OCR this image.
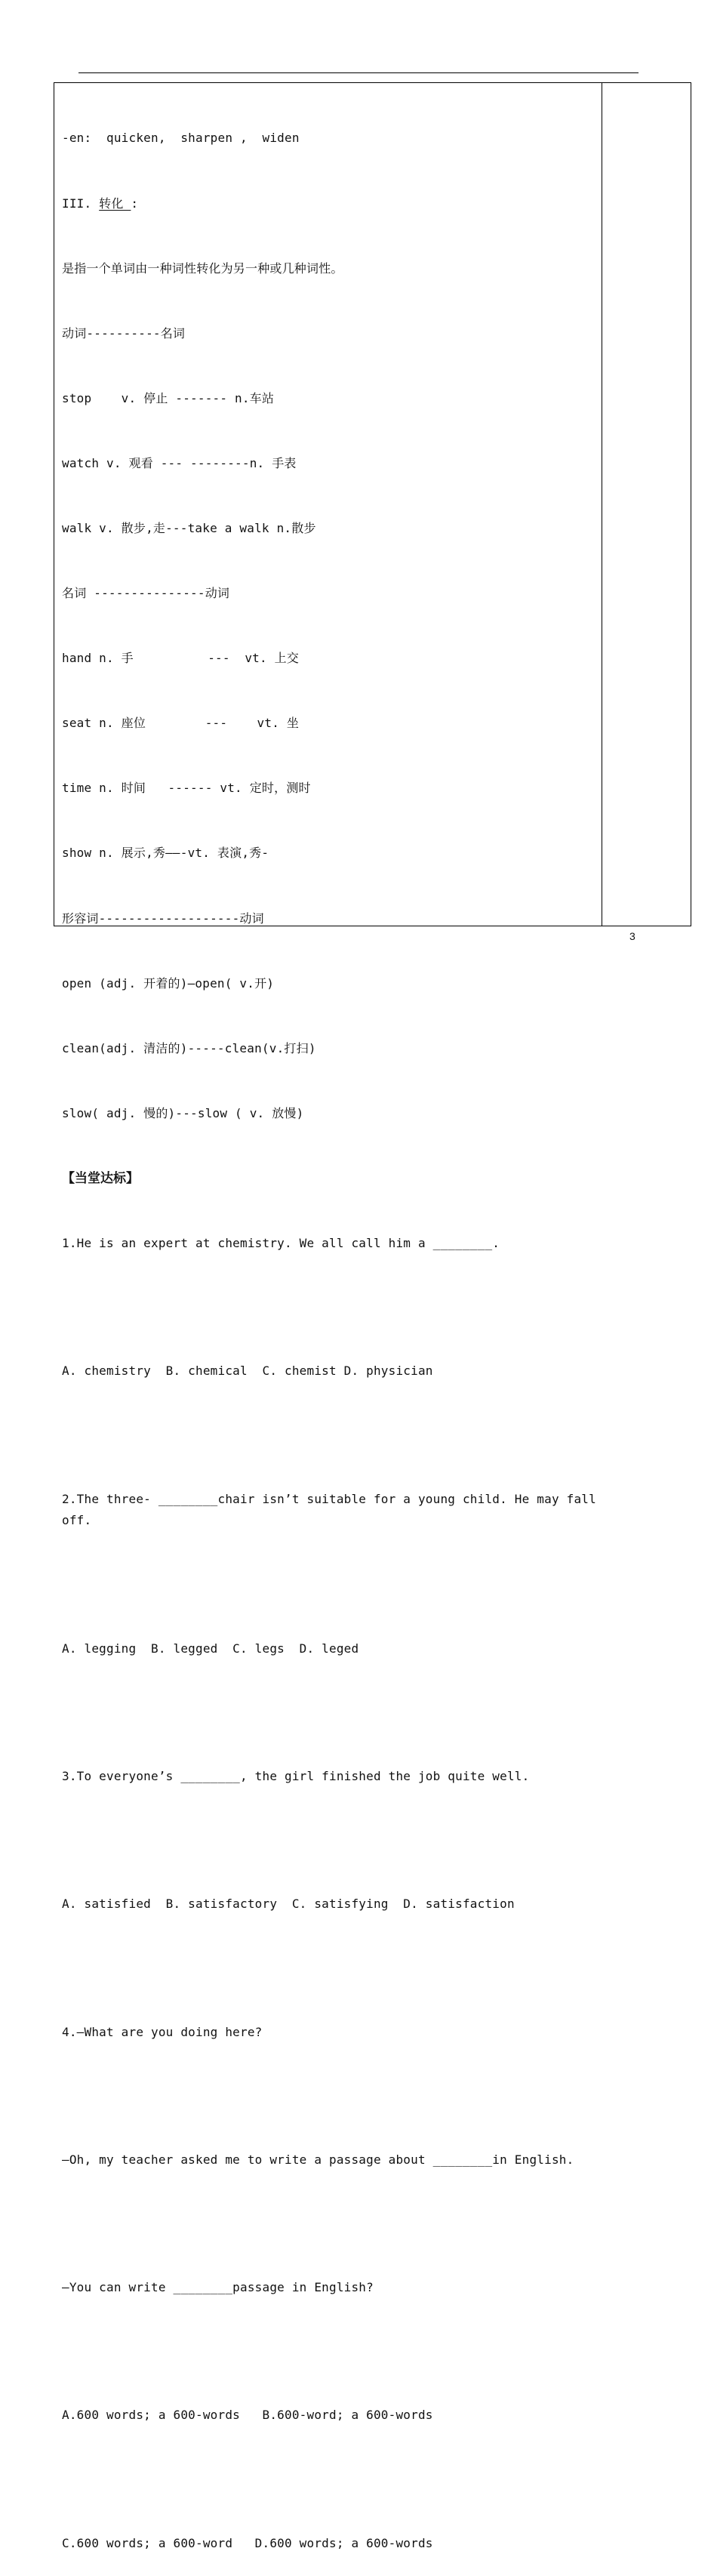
-en:  quicken,  sharpen ,  widen

III. 转化 :

是指一个单词由一种词性转化为另一种或几种词性。

动词----------名词

stop    v. 停止 ------- n.车站

watch v. 观看 --- --------n. 手表

walk v. 散步,走---take a walk n.散步

名词 ---------------动词

hand n. 手          ---  vt. 上交

seat n. 座位        ---    vt. 坐

time n. 时间   ------ vt. 定时，测时

show n. 展示,秀——-vt. 表演,秀-

形容词-------------------动词

open (adj. 开着的)—open( v.开)

clean(adj. 清洁的)-----clean(v.打扫)

slow( adj. 慢的)---slow ( v. 放慢)

【当堂达标】

1.He is an expert at chemistry. We all call him a ________.

A. chemistry  B. chemical  C. chemist D. physician

2.The three- ________chair isn’t suitable for a young child. He may fall off.

A. legging  B. legged  C. legs  D. leged

3.To everyone’s ________, the girl finished the job quite well.

A. satisfied  B. satisfactory  C. satisfying  D. satisfaction

4.—What are you doing here?

—Oh, my teacher asked me to write a passage about ________in English.

—You can write ________passage in English?

A.600 words; a 600-words   B.600-word; a 600-words

C.600 words; a 600-word   D.600 words; a 600-words

3
